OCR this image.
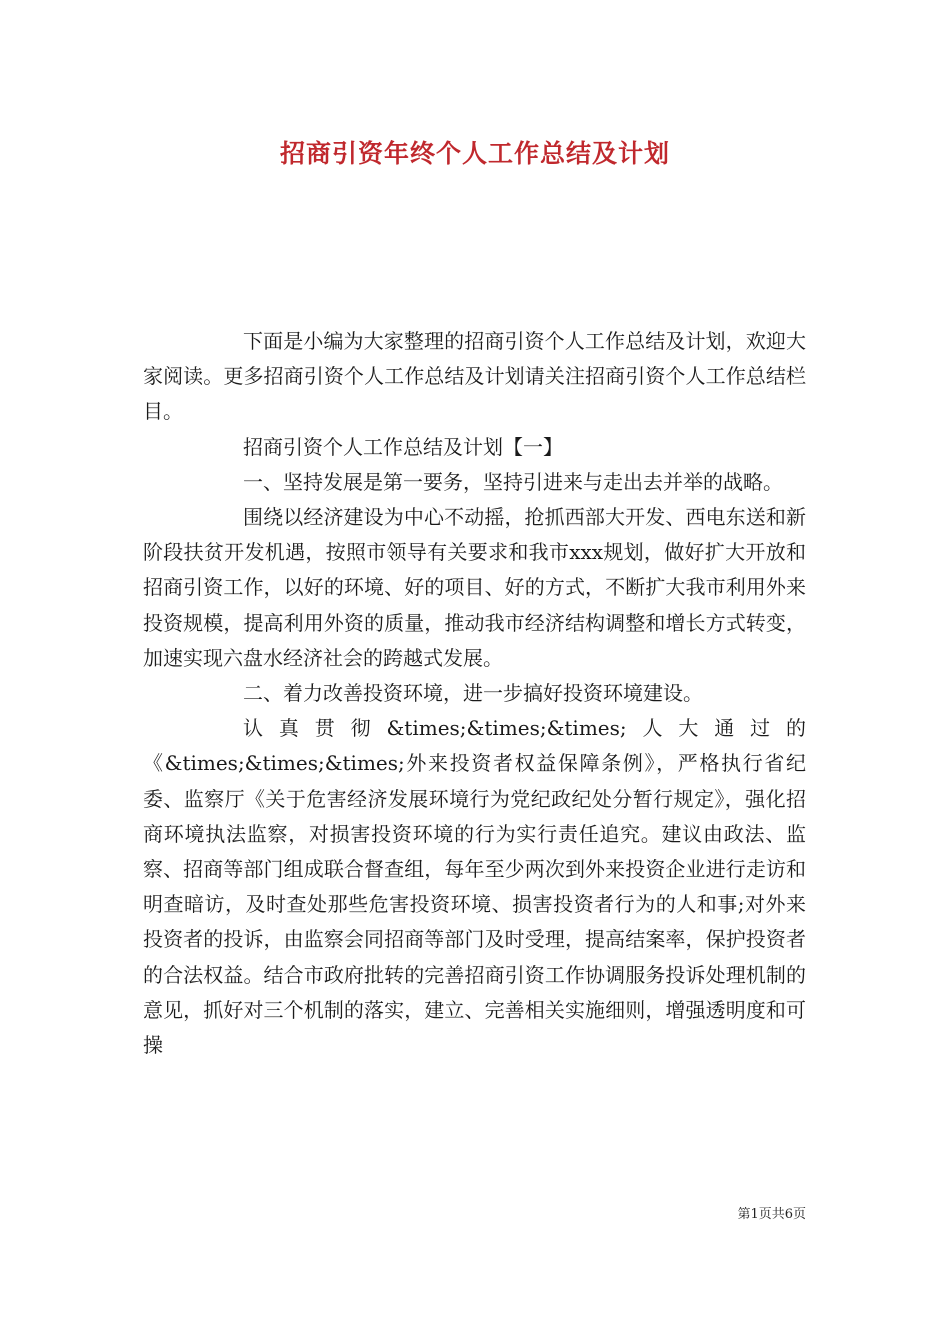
招商引资年终个人工作总结及计划

下面是小编为大家整理的招商引资个人工作总结及计划，欢迎大家阅读。更多招商引资个人工作总结及计划请关注招商引资个人工作总结栏目。

招商引资个人工作总结及计划【一】

一、坚持发展是第一要务，坚持引进来与走出去并举的战略。

围绕以经济建设为中心不动摇，抢抓西部大开发、西电东送和新阶段扶贫开发机遇，按照市领导有关要求和我市xxx规划，做好扩大开放和招商引资工作，以好的环境、好的项目、好的方式，不断扩大我市利用外来投资规模，提高利用外资的质量，推动我市经济结构调整和增长方式转变，加速实现六盘水经济社会的跨越式发展。

二、着力改善投资环境，进一步搞好投资环境建设。

认真贯彻&times;&times;&times;人大通过的《&times;&times;&times;外来投资者权益保障条例》，严格执行省纪委、监察厅《关于危害经济发展环境行为党纪政纪处分暂行规定》，强化招商环境执法监察，对损害投资环境的行为实行责任追究。建议由政法、监察、招商等部门组成联合督查组，每年至少两次到外来投资企业进行走访和明查暗访，及时查处那些危害投资环境、损害投资者行为的人和事;对外来投资者的投诉，由监察会同招商等部门及时受理，提高结案率，保护投资者的合法权益。结合市政府批转的完善招商引资工作协调服务投诉处理机制的意见，抓好对三个机制的落实，建立、完善相关实施细则，增强透明度和可操

第1页共6页
